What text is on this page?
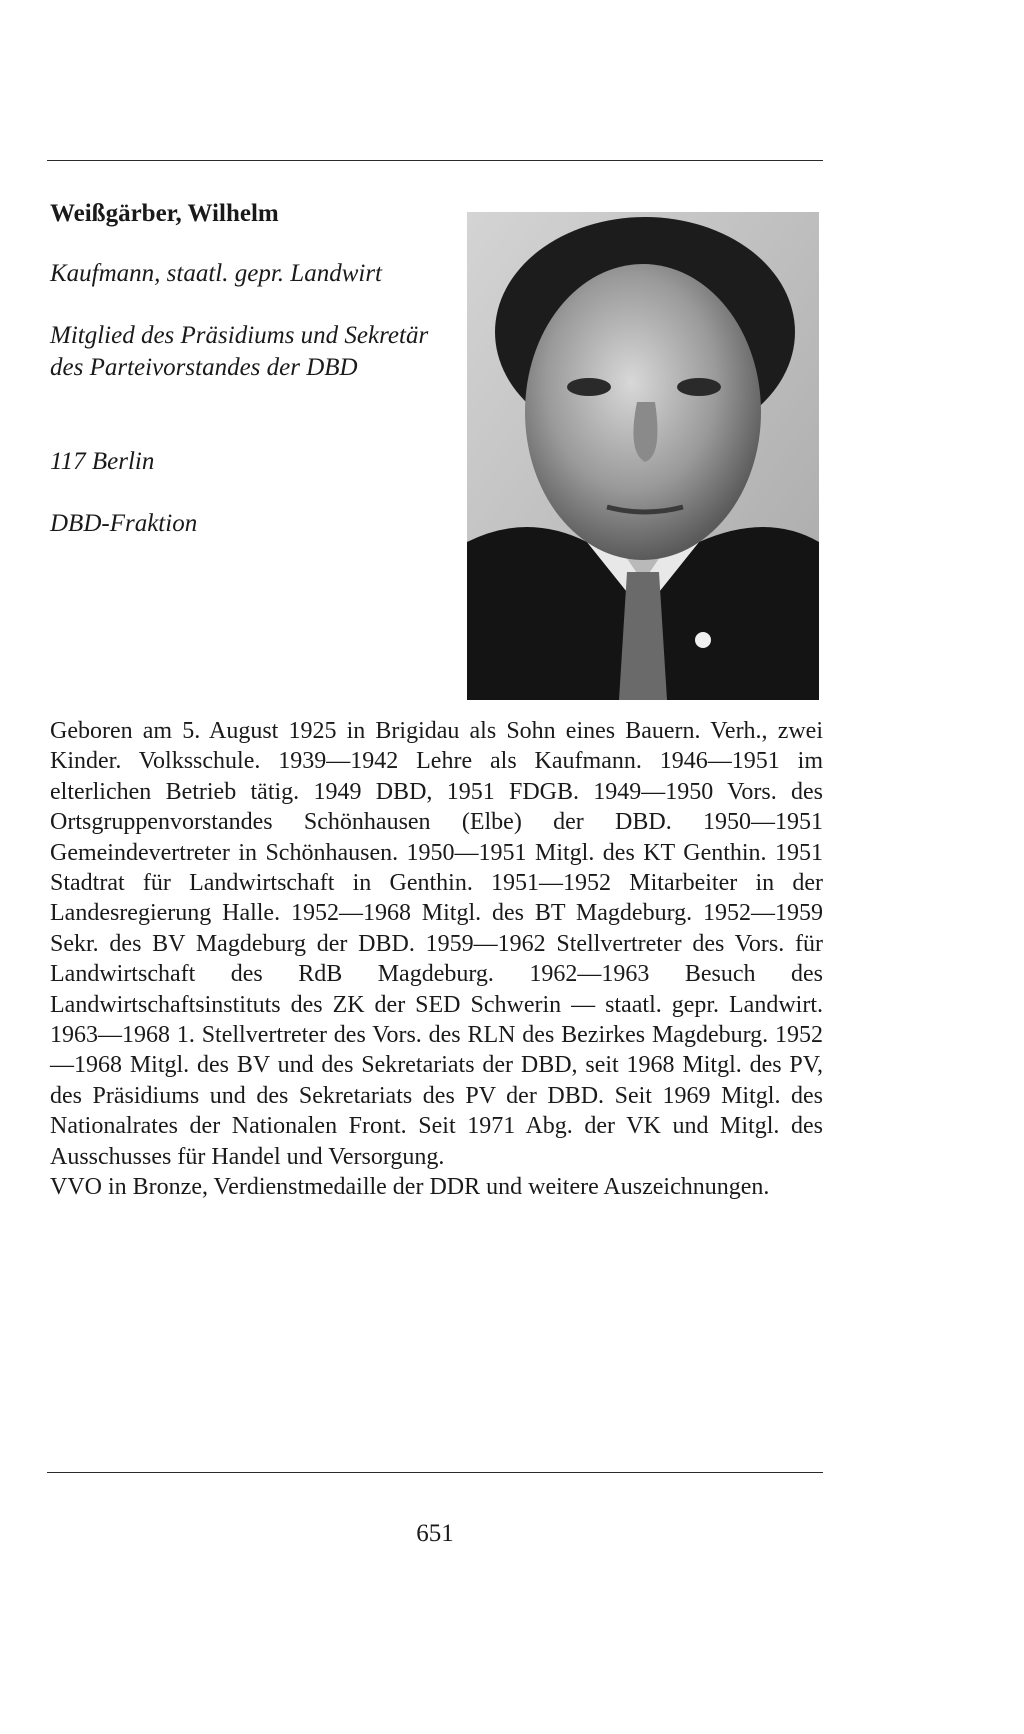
Weißgärber, Wilhelm
Kaufmann, staatl. gepr. Landwirt
Mitglied des Präsidiums und Sekretär des Parteivorstandes der DBD
117 Berlin
DBD-Fraktion

Geboren am 5. August 1925 in Brigidau als Sohn eines Bauern. Verh., zwei Kinder. Volksschule. 1939—1942 Lehre als Kaufmann. 1946—1951 im elterlichen Betrieb tätig. 1949 DBD, 1951 FDGB. 1949—1950 Vors. des Ortsgruppenvorstandes Schönhausen (Elbe) der DBD. 1950—1951 Gemeindevertreter in Schönhausen. 1950—1951 Mitgl. des KT Genthin. 1951 Stadtrat für Landwirtschaft in Genthin. 1951—1952 Mitarbeiter in der Landesregierung Halle. 1952—1968 Mitgl. des BT Magdeburg. 1952—1959 Sekr. des BV Magdeburg der DBD. 1959—1962 Stellvertreter des Vors. für Landwirtschaft des RdB Magdeburg. 1962—1963 Besuch des Landwirtschaftsinstituts des ZK der SED Schwerin — staatl. gepr. Landwirt. 1963—1968 1. Stellvertreter des Vors. des RLN des Bezirkes Magdeburg. 1952—1968 Mitgl. des BV und des Sekretariats der DBD, seit 1968 Mitgl. des PV, des Präsidiums und des Sekretariats des PV der DBD. Seit 1969 Mitgl. des Nationalrates der Nationalen Front. Seit 1971 Abg. der VK und Mitgl. des Ausschusses für Handel und Versorgung.

VVO in Bronze, Verdienstmedaille der DDR und weitere Auszeichnungen.

651
